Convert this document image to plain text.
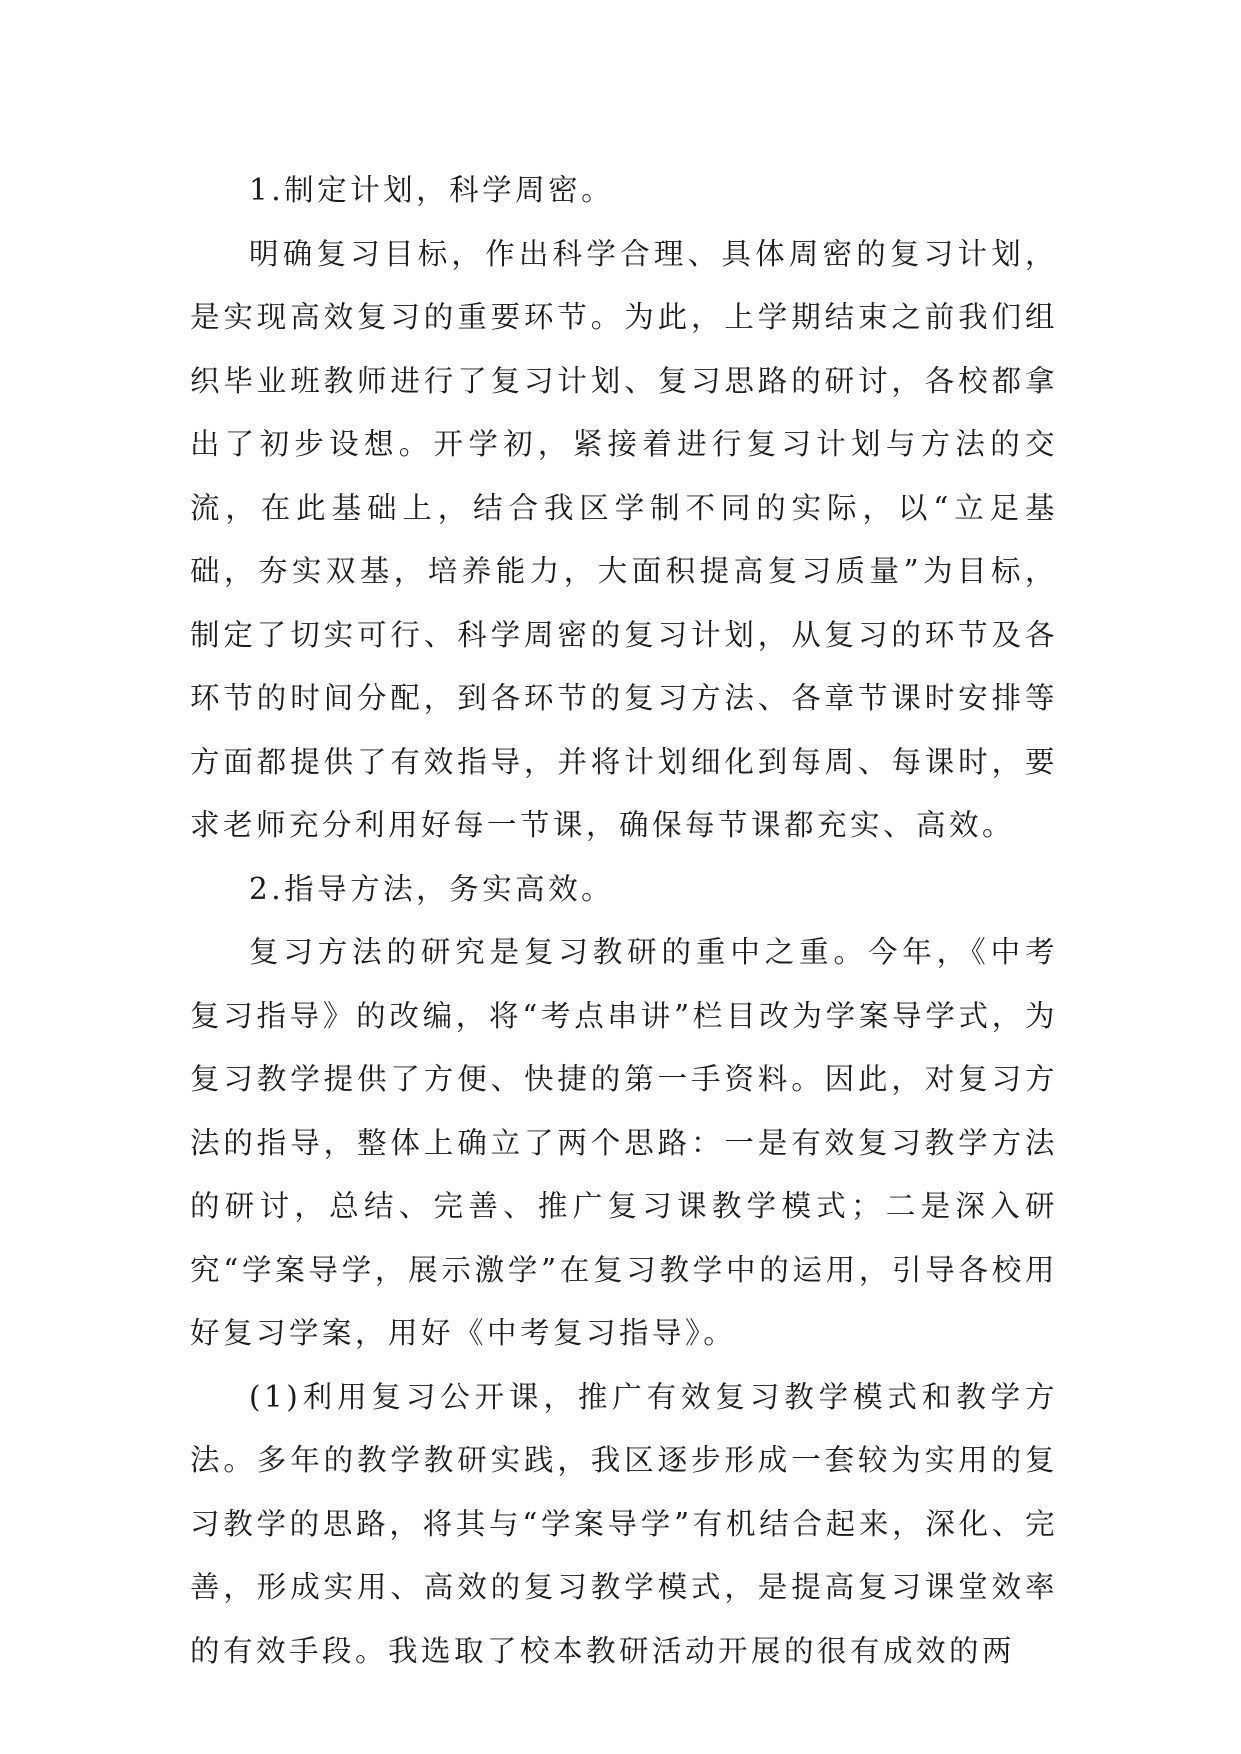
1.制定计划，科学周密。

明确复习目标，作出科学合理、具体周密的复习计划，是实现高效复习的重要环节。为此，上学期结束之前我们组织毕业班教师进行了复习计划、复习思路的研讨，各校都拿出了初步设想。开学初，紧接着进行复习计划与方法的交流，在此基础上，结合我区学制不同的实际，以“立足基础，夯实双基，培养能力，大面积提高复习质量”为目标，制定了切实可行、科学周密的复习计划，从复习的环节及各环节的时间分配，到各环节的复习方法、各章节课时安排等方面都提供了有效指导，并将计划细化到每周、每课时，要求老师充分利用好每一节课，确保每节课都充实、高效。

2.指导方法，务实高效。

复习方法的研究是复习教研的重中之重。今年，《中考复习指导》的改编，将“考点串讲”栏目改为学案导学式，为复习教学提供了方便、快捷的第一手资料。因此，对复习方法的指导，整体上确立了两个思路：一是有效复习教学方法的研讨，总结、完善、推广复习课教学模式；二是深入研究“学案导学，展示激学”在复习教学中的运用，引导各校用好复习学案，用好《中考复习指导》。

(1)利用复习公开课，推广有效复习教学模式和教学方法。多年的教学教研实践，我区逐步形成一套较为实用的复习教学的思路，将其与“学案导学”有机结合起来，深化、完善，形成实用、高效的复习教学模式，是提高复习课堂效率的有效手段。我选取了校本教研活动开展的很有成效的两
